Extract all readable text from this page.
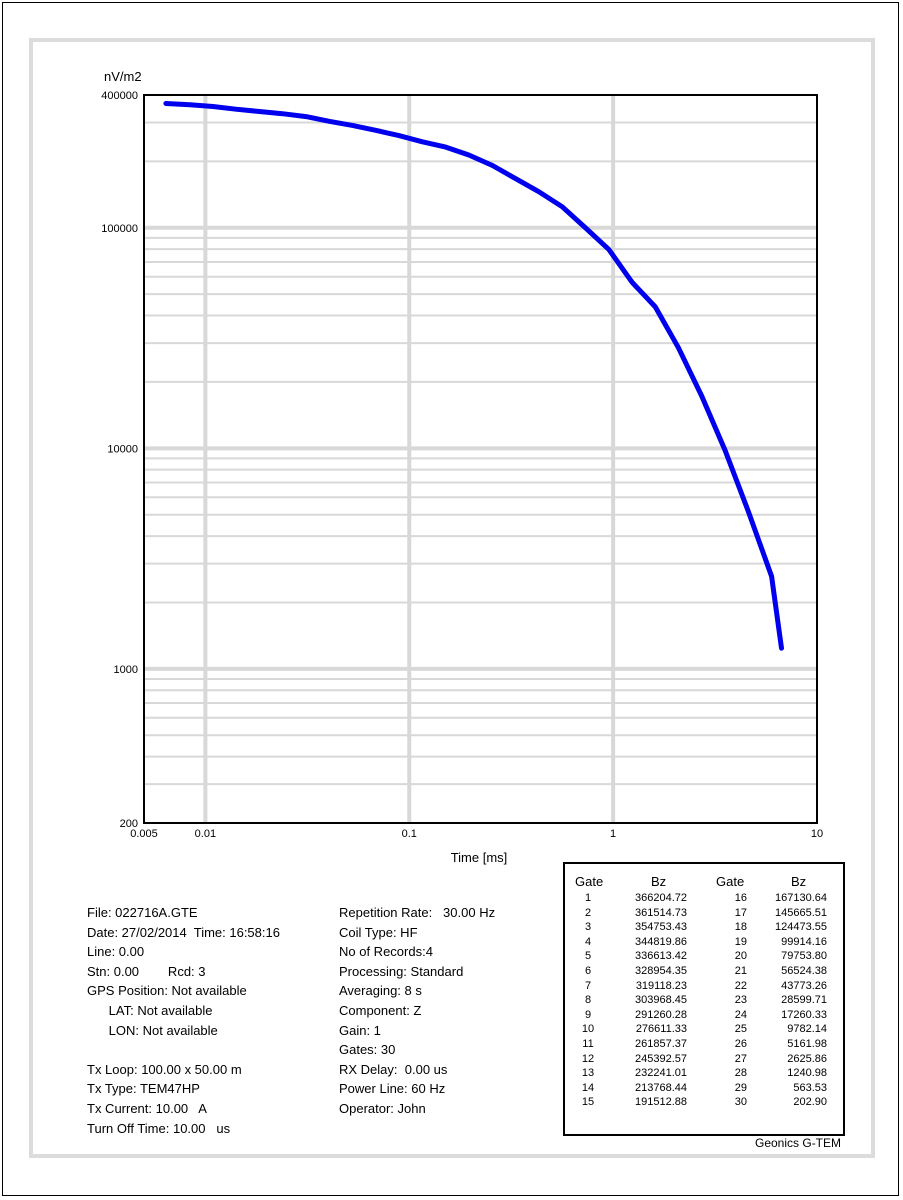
400000
100000
10000
1000
200
0.005	0.01	0.1	1	10
nV/m2
Time [ms]
File: 022716A.GTE
Date: 27/02/2014  Time: 16:58:16
Line: 0.00
Stn: 0.00        Rcd: 3
GPS Position: Not available
LAT: Not available
LON: Not available
Tx Loop: 100.00 x 50.00 m
Tx Type: TEM47HP
Tx Current: 10.00   A
Turn Off Time: 10.00   us
Repetition Rate:   30.00 Hz
Coil Type: HF
No of Records:4
Processing: Standard
Averaging: 8 s
Component: Z
Gain: 1
Gates: 30
RX Delay:  0.00 us
Power Line: 60 Hz
Operator: John
Gate	Bz	Gate	Bz
1	366204.72	16	167130.64
2	361514.73	17	145665.51
3	354753.43	18	124473.55
4	344819.86	19	99914.16
5	336613.42	20	79753.80
6	328954.35	21	56524.38
7	319118.23	22	43773.26
8	303968.45	23	28599.71
9	291260.28	24	17260.33
10	276611.33	25	9782.14
11	261857.37	26	5161.98
12	245392.57	27	2625.86
13	232241.01	28	1240.98
14	213768.44	29	563.53
15	191512.88	30	202.90
Geonics G-TEM
